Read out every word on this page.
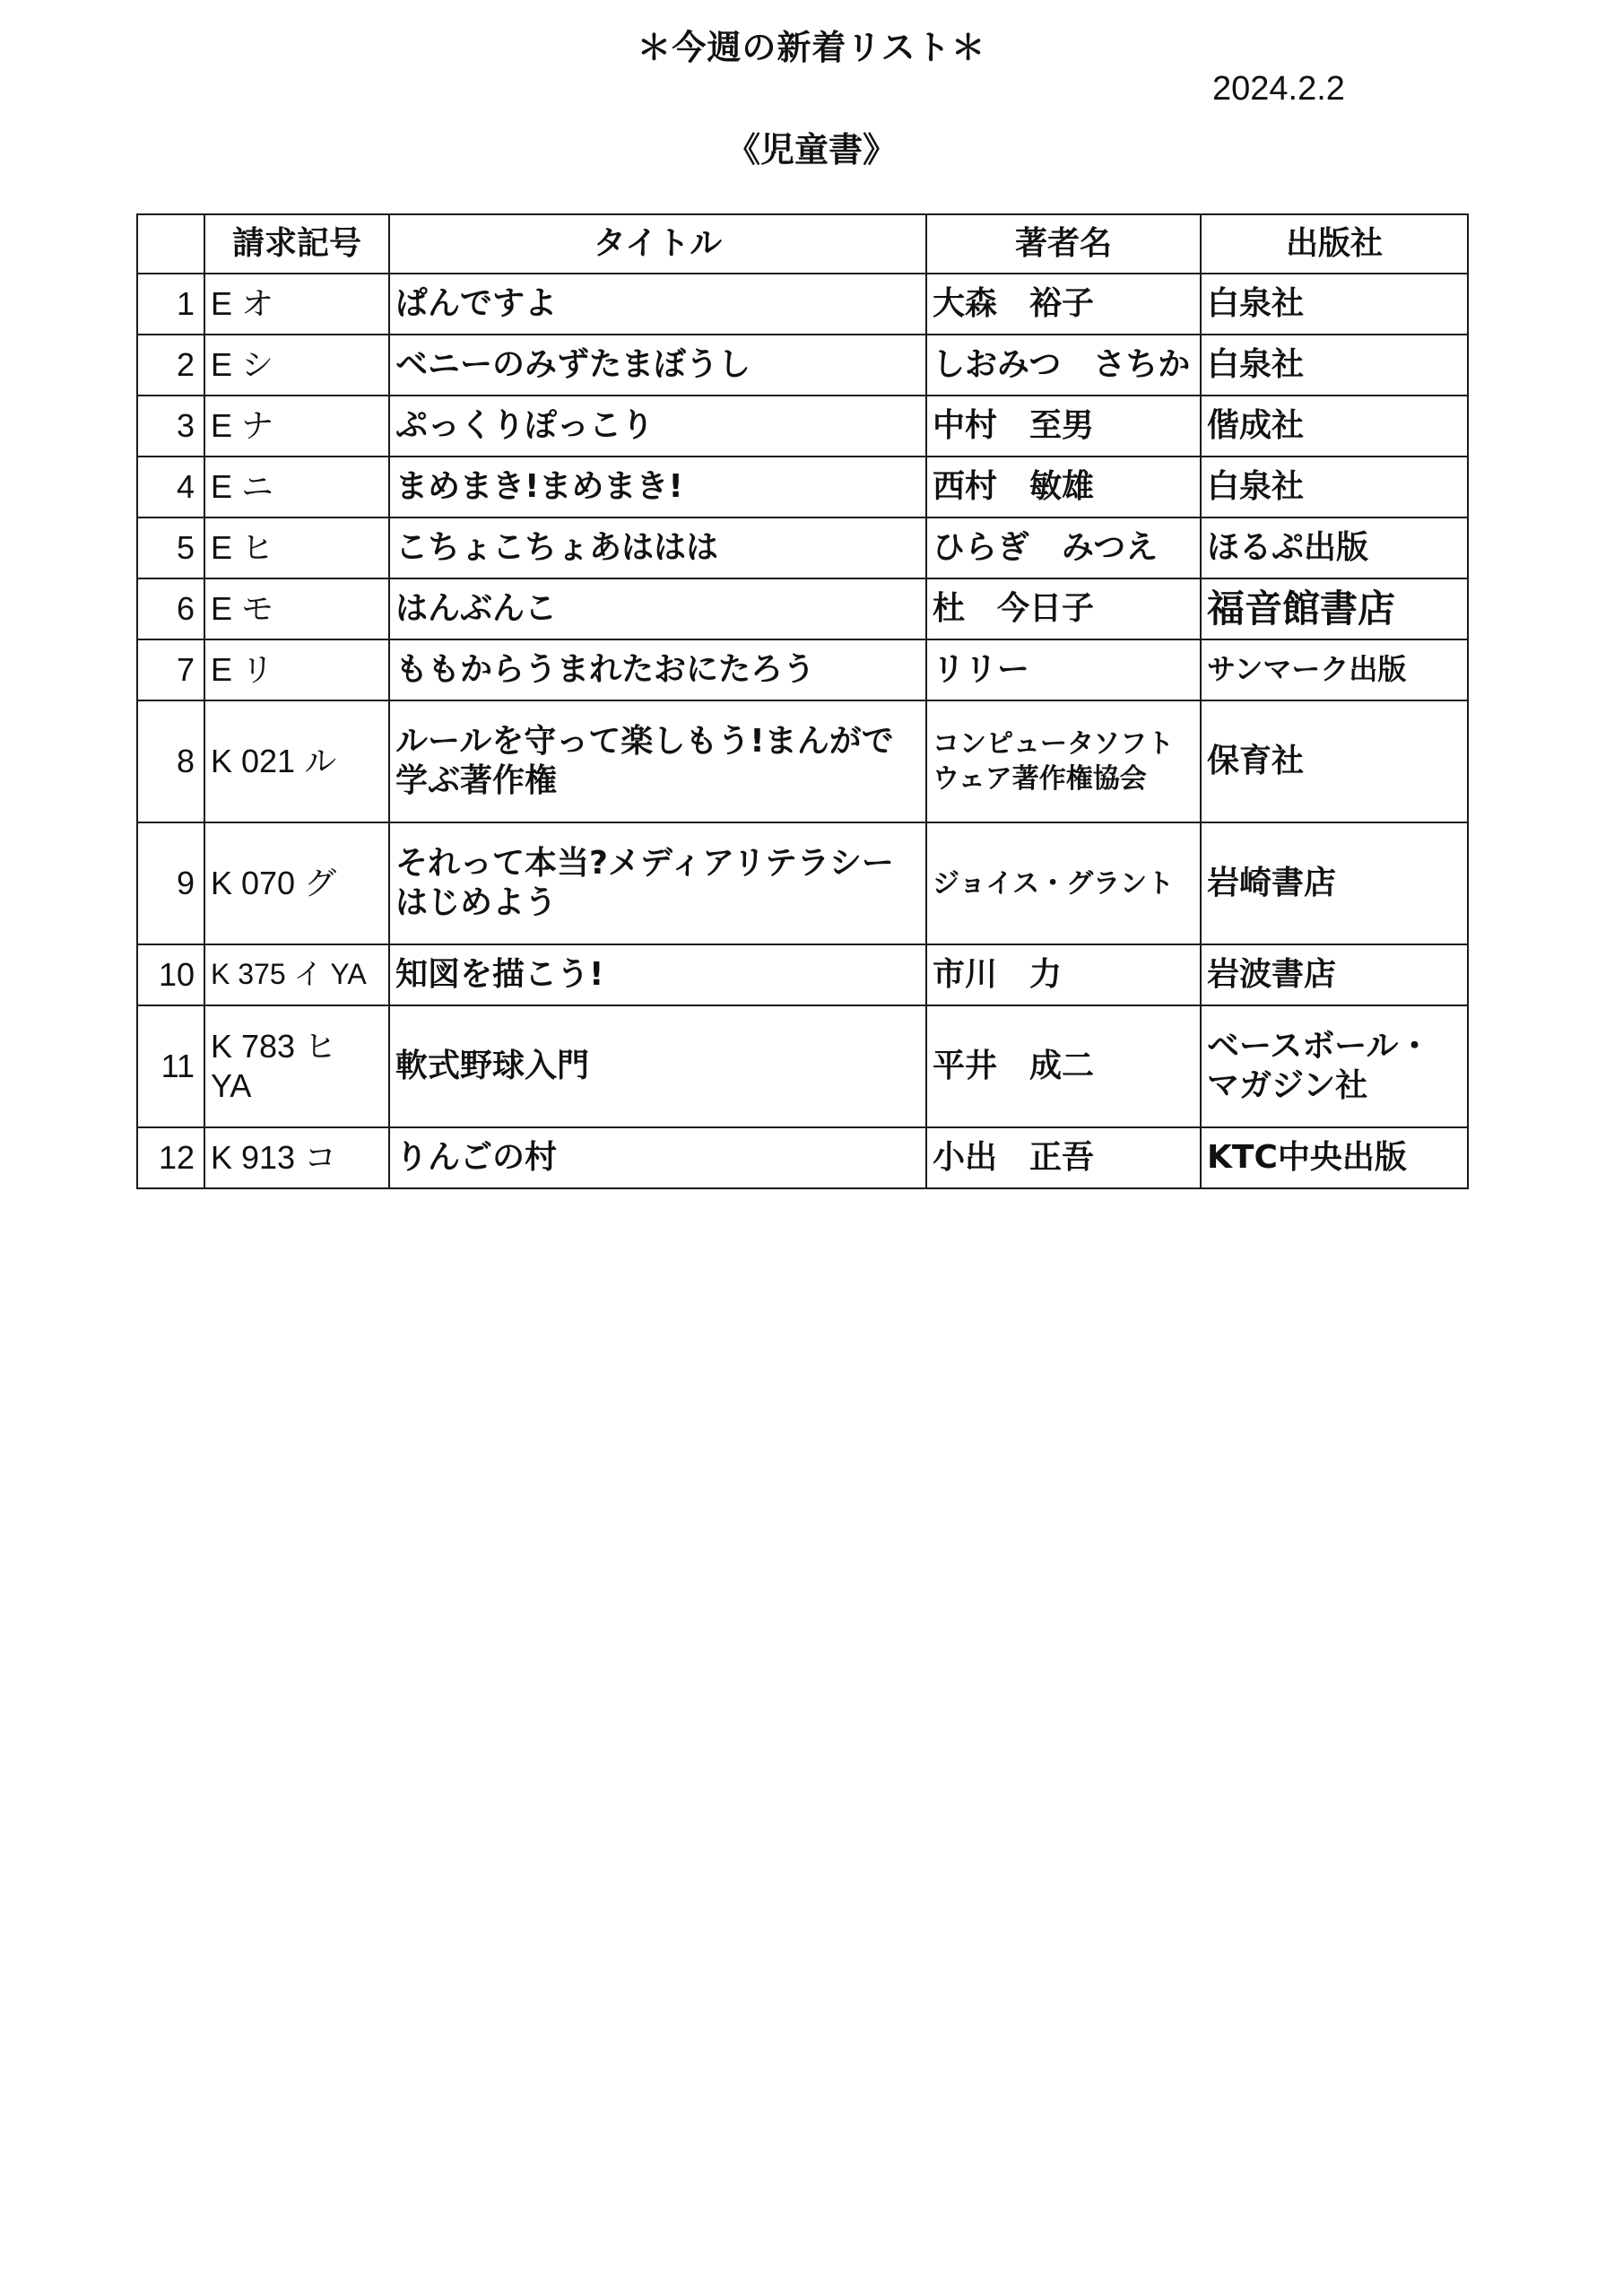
＊今週の新着リスト＊
2024.2.2
《児童書》
	請求記号	タイトル	著者名	出版社
1	E オ	ぱんですよ	大森　裕子	白泉社
2	E シ	ベニーのみずたまぼうし	しおみつ　さちか	白泉社
3	E ナ	ぷっくりぽっこり	中村　至男	偕成社
4	E ニ	まめまき!まめまき!	西村　敏雄	白泉社
5	E ヒ	こちょこちょあははは	ひらぎ　みつえ	ほるぷ出版
6	E モ	はんぶんこ	杜　今日子	福音館書店
7	E リ	ももからうまれたおにたろう	リリー	サンマーク出版
8	K 021 ル	ルールを守って楽しもう!まんがで学ぶ著作権	コンピュータソフトウェア著作権協会	保育社
9	K 070 グ	それって本当?メディアリテラシーはじめよう	ジョイス・グラント	岩崎書店
10	K 375 イ YA	知図を描こう!	市川　力	岩波書店
11	K 783 ヒ YA	軟式野球入門	平井　成二	ベースボール・マガジン社
12	K 913 コ	りんごの村	小出　正吾	KTC中央出版
